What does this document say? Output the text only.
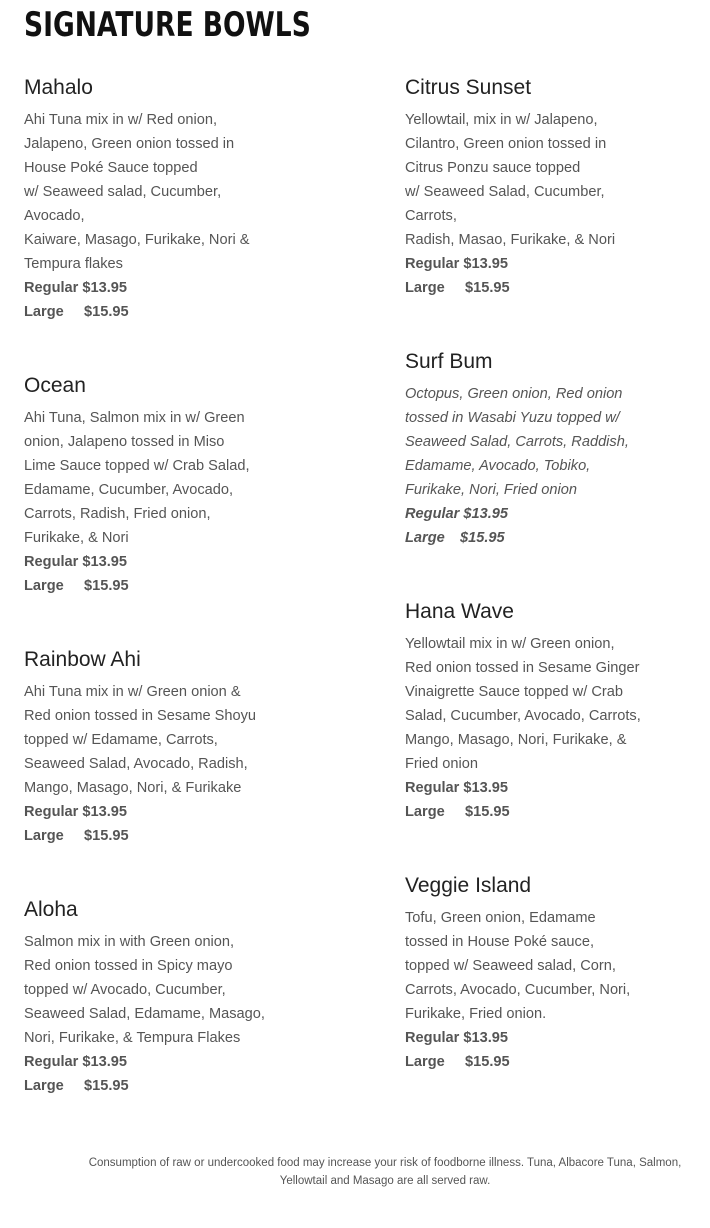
SIGNATURE BOWLS
Mahalo

Ahi Tuna mix in w/ Red onion,
Jalapeno, Green onion tossed in
House Poké Sauce topped
w/ Seaweed salad, Cucumber,
Avocado,
Kaiware, Masago, Furikake, Nori &
Tempura flakes

Regular $13.95
Large $15.95
Ocean

Ahi Tuna, Salmon mix in w/ Green
onion, Jalapeno tossed in Miso
Lime Sauce topped w/ Crab Salad,
Edamame, Cucumber, Avocado,
Carrots, Radish, Fried onion,
Furikake, & Nori

Regular $13.95
Large $15.95
Rainbow Ahi

Ahi Tuna mix in w/ Green onion &
Red onion tossed in Sesame Shoyu
topped w/ Edamame, Carrots,
Seaweed Salad, Avocado, Radish,
Mango, Masago, Nori, & Furikake

Regular $13.95
Large $15.95
Aloha

Salmon mix in with Green onion,
Red onion tossed in Spicy mayo
topped w/ Avocado, Cucumber,
Seaweed Salad, Edamame, Masago,
Nori, Furikake, & Tempura Flakes

Regular $13.95
Large $15.95
Citrus Sunset

Yellowtail, mix in w/ Jalapeno,
Cilantro, Green onion tossed in
Citrus Ponzu sauce topped
w/ Seaweed Salad, Cucumber,
Carrots,
Radish, Masao, Furikake, & Nori

Regular $13.95
Large $15.95
Surf Bum

Octopus, Green onion, Red onion
tossed in Wasabi Yuzu topped w/
Seaweed Salad, Carrots, Raddish,
Edamame, Avocado, Tobiko,
Furikake, Nori, Fried onion

Regular $13.95
Large $15.95
Hana Wave

Yellowtail mix in w/ Green onion,
Red onion tossed in Sesame Ginger
Vinaigrette Sauce topped w/ Crab
Salad, Cucumber, Avocado, Carrots,
Mango, Masago, Nori, Furikake, &
Fried onion

Regular $13.95
Large $15.95
Veggie Island

Tofu, Green onion, Edamame
tossed in House Poké sauce,
topped w/ Seaweed salad, Corn,
Carrots, Avocado, Cucumber, Nori,
Furikake, Fried onion.

Regular $13.95
Large $15.95

Consumption of raw or undercooked food may increase your risk of foodborne illness. Tuna, Albacore Tuna, Salmon, Yellowtail and Masago are all served raw.
